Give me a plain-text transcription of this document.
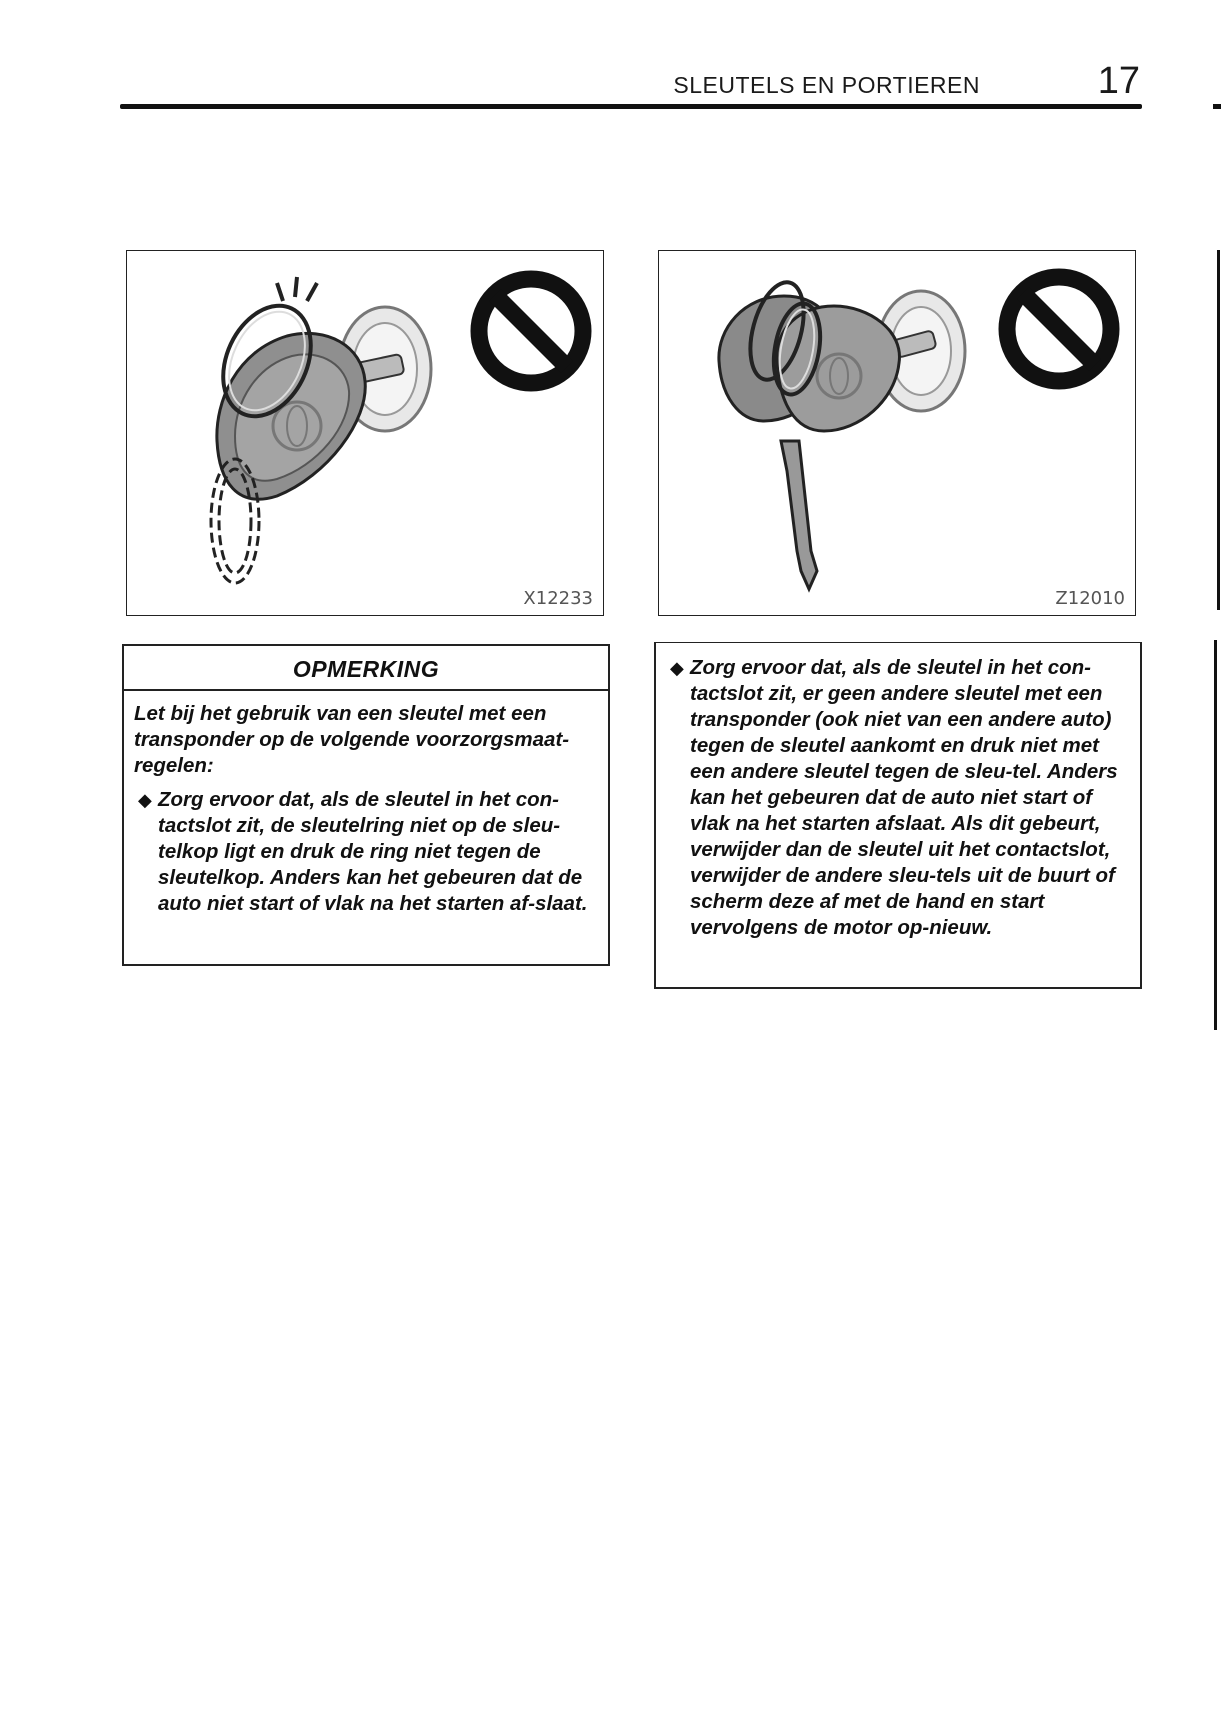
SLEUTELS EN PORTIEREN	17
X12233	Z12010
OPMERKING

Let bij het gebruik van een sleutel met een transponder op de volgende voorzorgsmaat-regelen:

◆ Zorg ervoor dat, als de sleutel in het con-tactslot zit, de sleutelring niet op de sleu-telkop ligt en druk de ring niet tegen de sleutelkop. Anders kan het gebeuren dat de auto niet start of vlak na het starten af-slaat.

◆ Zorg ervoor dat, als de sleutel in het con-tactslot zit, er geen andere sleutel met een transponder (ook niet van een andere auto) tegen de sleutel aankomt en druk niet met een andere sleutel tegen de sleu-tel. Anders kan het gebeuren dat de auto niet start of vlak na het starten afslaat. Als dit gebeurt, verwijder dan de sleutel uit het contactslot, verwijder de andere sleu-tels uit de buurt of scherm deze af met de hand en start vervolgens de motor op-nieuw.
